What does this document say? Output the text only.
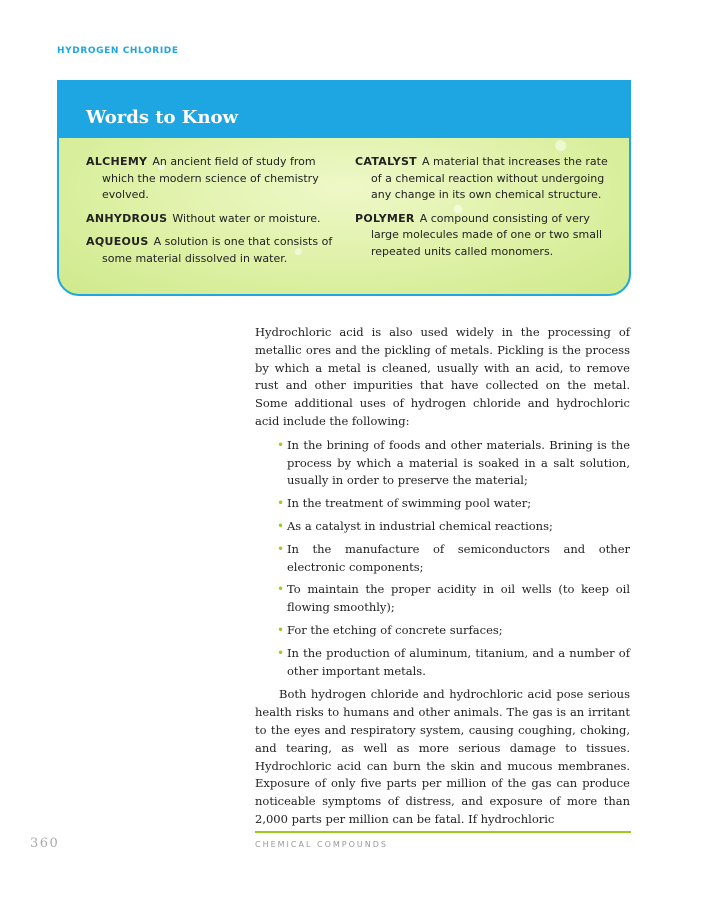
HYDROGEN CHLORIDE
Words to Know
ALCHEMY An ancient field of study from which the modern science of chemistry evolved.
ANHYDROUS Without water or moisture.
AQUEOUS A solution is one that consists of some material dissolved in water.
CATALYST A material that increases the rate of a chemical reaction without undergoing any change in its own chemical structure.
POLYMER A compound consisting of very large molecules made of one or two small repeated units called monomers.

Hydrochloric acid is also used widely in the processing of metallic ores and the pickling of metals. Pickling is the process by which a metal is cleaned, usually with an acid, to remove rust and other impurities that have collected on the metal. Some additional uses of hydrogen chloride and hydrochloric acid include the following:

• In the brining of foods and other materials. Brining is the process by which a material is soaked in a salt solution, usually in order to preserve the material;
• In the treatment of swimming pool water;
• As a catalyst in industrial chemical reactions;
• In the manufacture of semiconductors and other electronic components;
• To maintain the proper acidity in oil wells (to keep oil flowing smoothly);
• For the etching of concrete surfaces;
• In the production of aluminum, titanium, and a number of other important metals.

Both hydrogen chloride and hydrochloric acid pose serious health risks to humans and other animals. The gas is an irritant to the eyes and respiratory system, causing coughing, choking, and tearing, as well as more serious damage to tissues. Hydrochloric acid can burn the skin and mucous membranes. Exposure of only five parts per million of the gas can produce noticeable symptoms of distress, and exposure of more than 2,000 parts per million can be fatal. If hydrochloric

360	CHEMICAL COMPOUNDS
